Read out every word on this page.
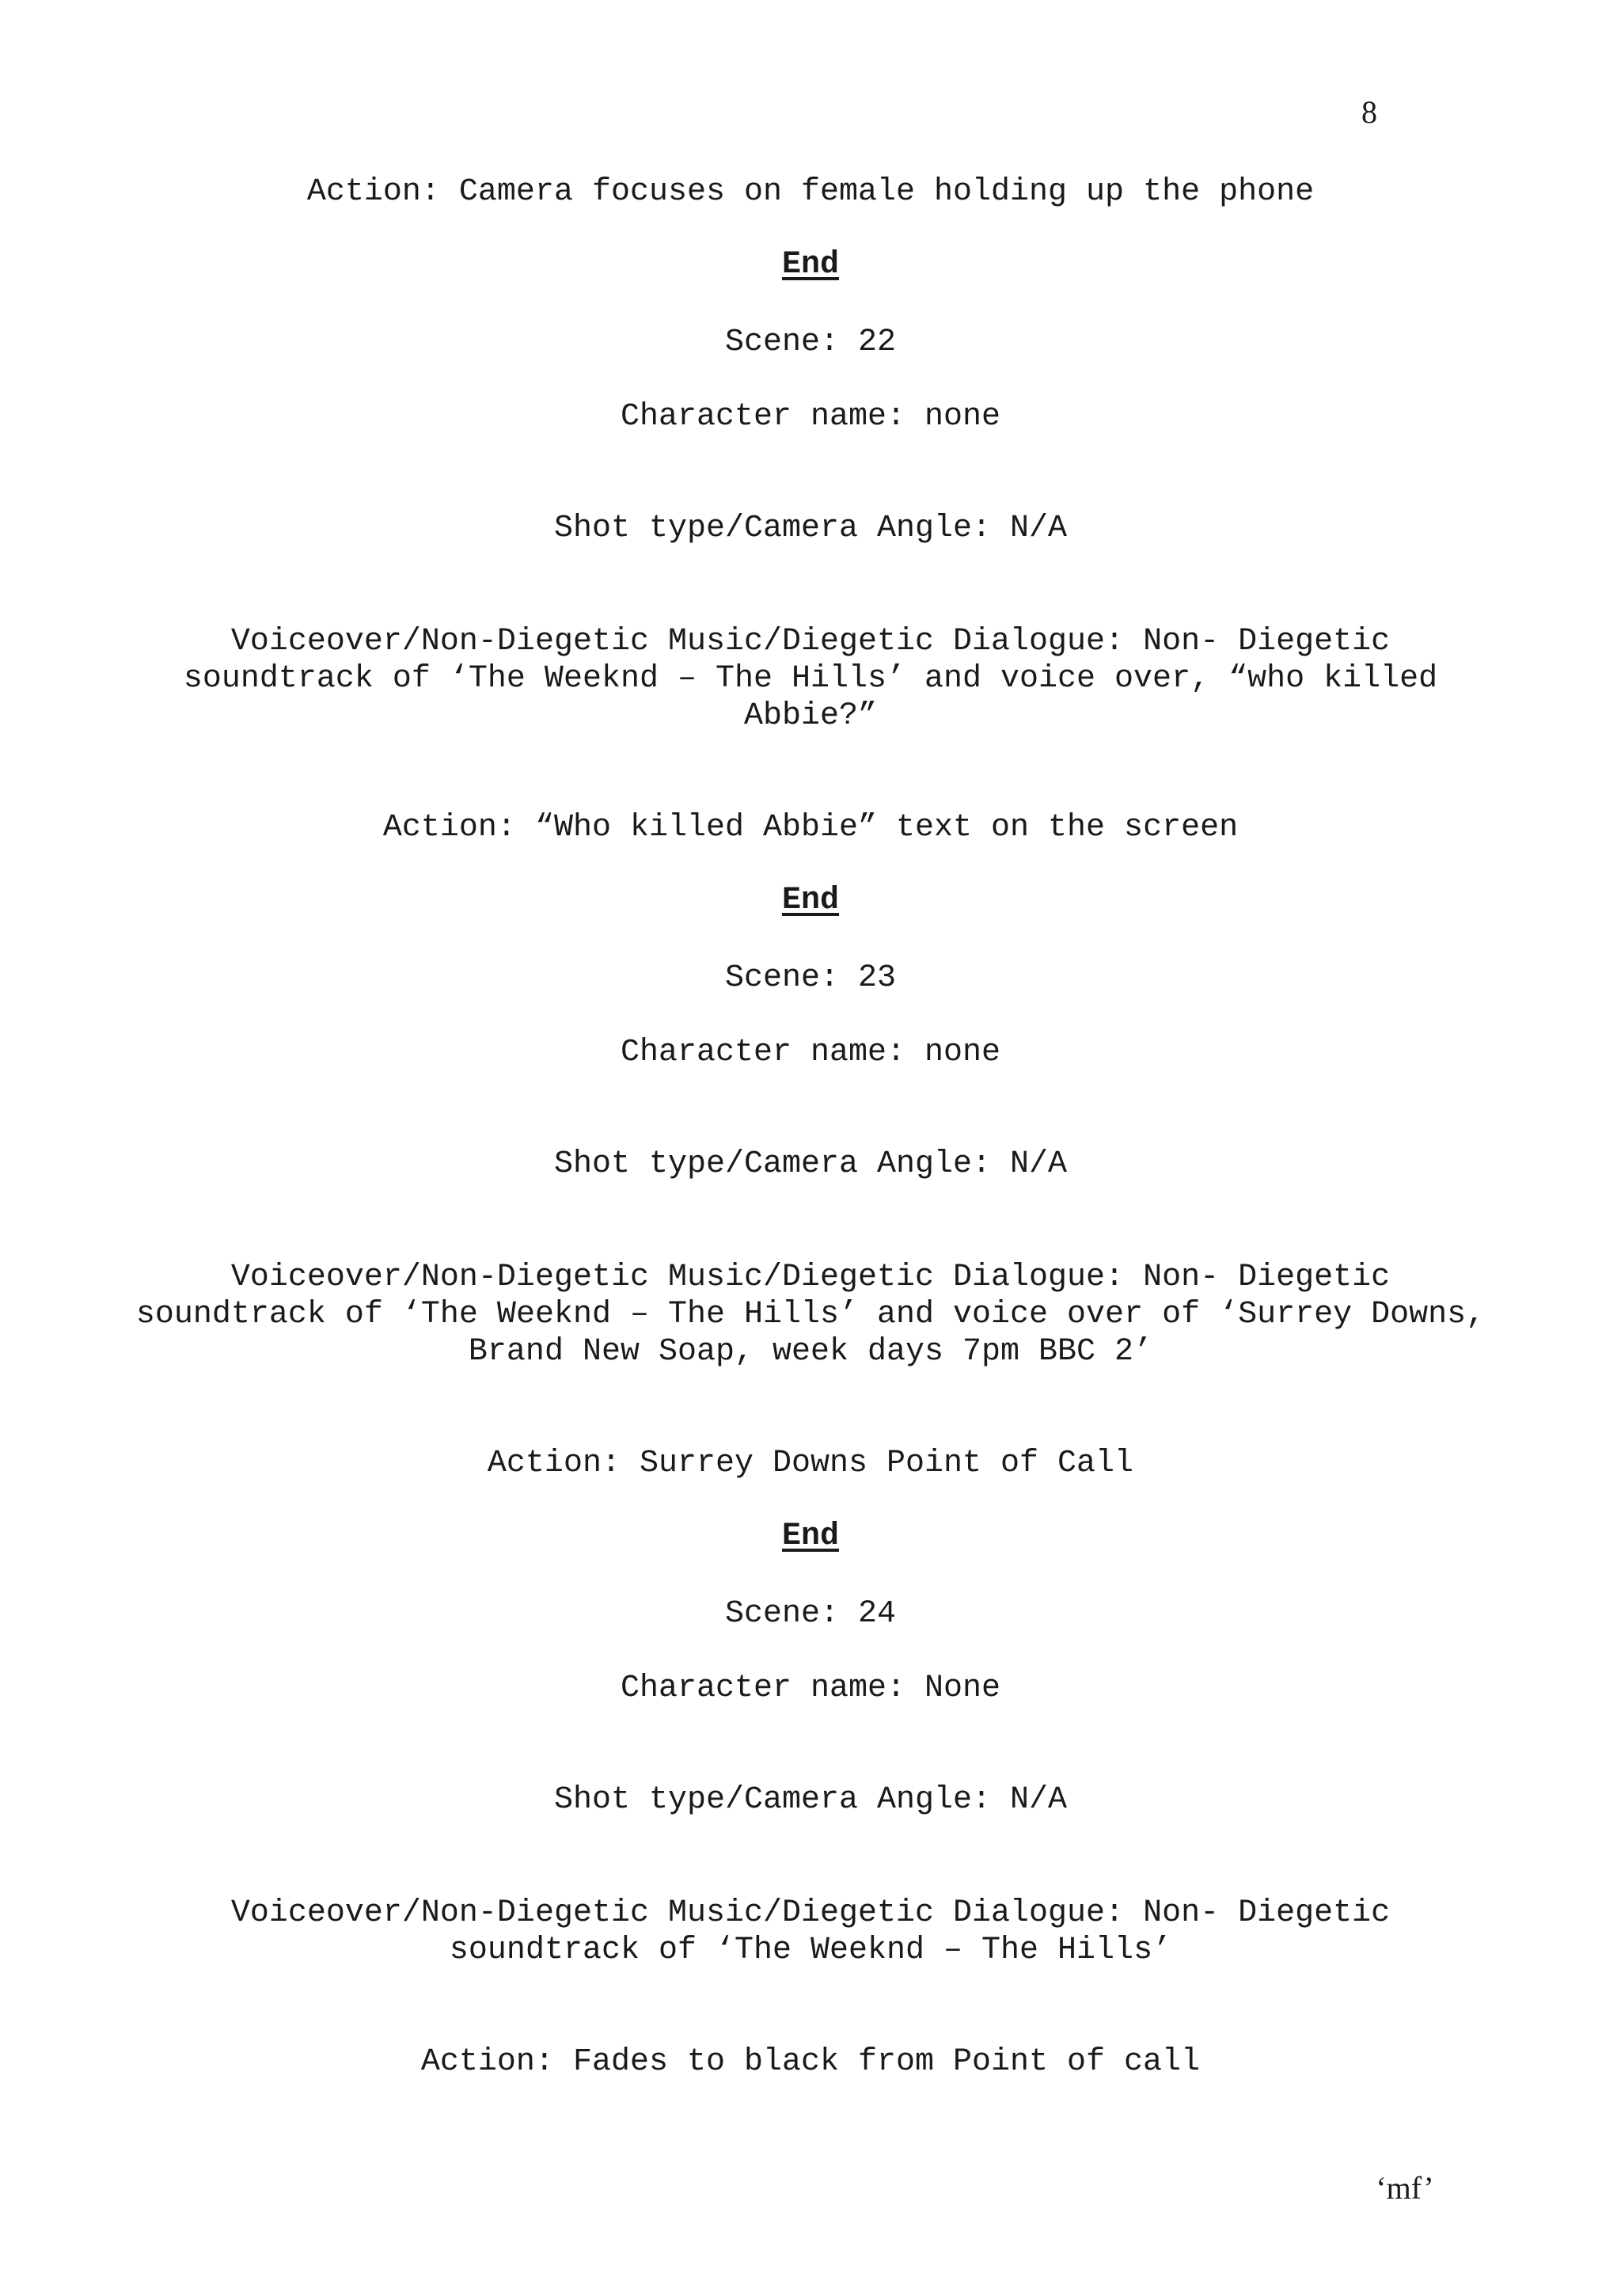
8

Action: Camera focuses on female holding up the phone

End

Scene: 22

Character name: none

Shot type/Camera Angle: N/A

Voiceover/Non-Diegetic Music/Diegetic Dialogue: Non- Diegetic

soundtrack of ‘The Weeknd – The Hills’ and voice over, “who killed

Abbie?”

Action: “Who killed Abbie” text on the screen

End

Scene: 23

Character name: none

Shot type/Camera Angle: N/A

Voiceover/Non-Diegetic Music/Diegetic Dialogue: Non- Diegetic

soundtrack of ‘The Weeknd – The Hills’ and voice over of ‘Surrey Downs,

Brand New Soap, week days 7pm BBC 2’

Action: Surrey Downs Point of Call

End

Scene: 24

Character name: None

Shot type/Camera Angle: N/A

Voiceover/Non-Diegetic Music/Diegetic Dialogue: Non- Diegetic

soundtrack of ‘The Weeknd – The Hills’

Action: Fades to black from Point of call

‘mf’
